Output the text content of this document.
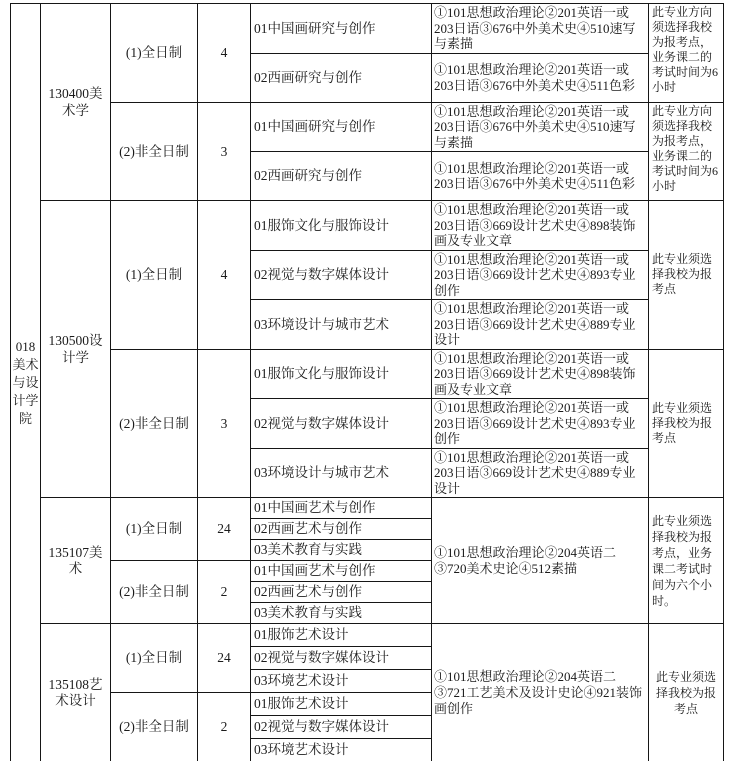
018美术与设计学院	130400美术学	(1)全日制	4	01中国画研究与创作	①101思想政治理论②201英语一或203日语③676中外美术史④510速写与素描	此专业方向须选择我校为报考点，业务课二的考试时间为6小时
				02西画研究与创作	①101思想政治理论②201英语一或203日语③676中外美术史④511色彩	
		(2)非全日制	3	01中国画研究与创作	①101思想政治理论②201英语一或203日语③676中外美术史④510速写与素描	此专业方向须选择我校为报考点，业务课二的考试时间为6小时
				02西画研究与创作	①101思想政治理论②201英语一或203日语③676中外美术史④511色彩	
	130500设计学	(1)全日制	4	01服饰文化与服饰设计	①101思想政治理论②201英语一或203日语③669设计艺术史④898装饰画及专业文章	此专业须选择我校为报考点
				02视觉与数字媒体设计	①101思想政治理论②201英语一或203日语③669设计艺术史④893专业创作	
				03环境设计与城市艺术	①101思想政治理论②201英语一或203日语③669设计艺术史④889专业设计	
		(2)非全日制	3	01服饰文化与服饰设计	①101思想政治理论②201英语一或203日语③669设计艺术史④898装饰画及专业文章	此专业须选择我校为报考点
				02视觉与数字媒体设计	①101思想政治理论②201英语一或203日语③669设计艺术史④893专业创作	
				03环境设计与城市艺术	①101思想政治理论②201英语一或203日语③669设计艺术史④889专业设计	
	135107美术	(1)全日制	24	01中国画艺术与创作	①101思想政治理论②204英语二③720美术史论④512素描	此专业须选择我校为报考点，业务课二考试时间为六个小时。
				02西画艺术与创作		
				03美术教育与实践		
		(2)非全日制	2	01中国画艺术与创作		
				02西画艺术与创作		
				03美术教育与实践		
	135108艺术设计	(1)全日制	24	01服饰艺术设计	①101思想政治理论②204英语二③721工艺美术及设计史论④921装饰画创作	此专业须选择我校为报考点
				02视觉与数字媒体设计		
				03环境艺术设计		
		(2)非全日制	2	01服饰艺术设计		
				02视觉与数字媒体设计		
				03环境艺术设计		
